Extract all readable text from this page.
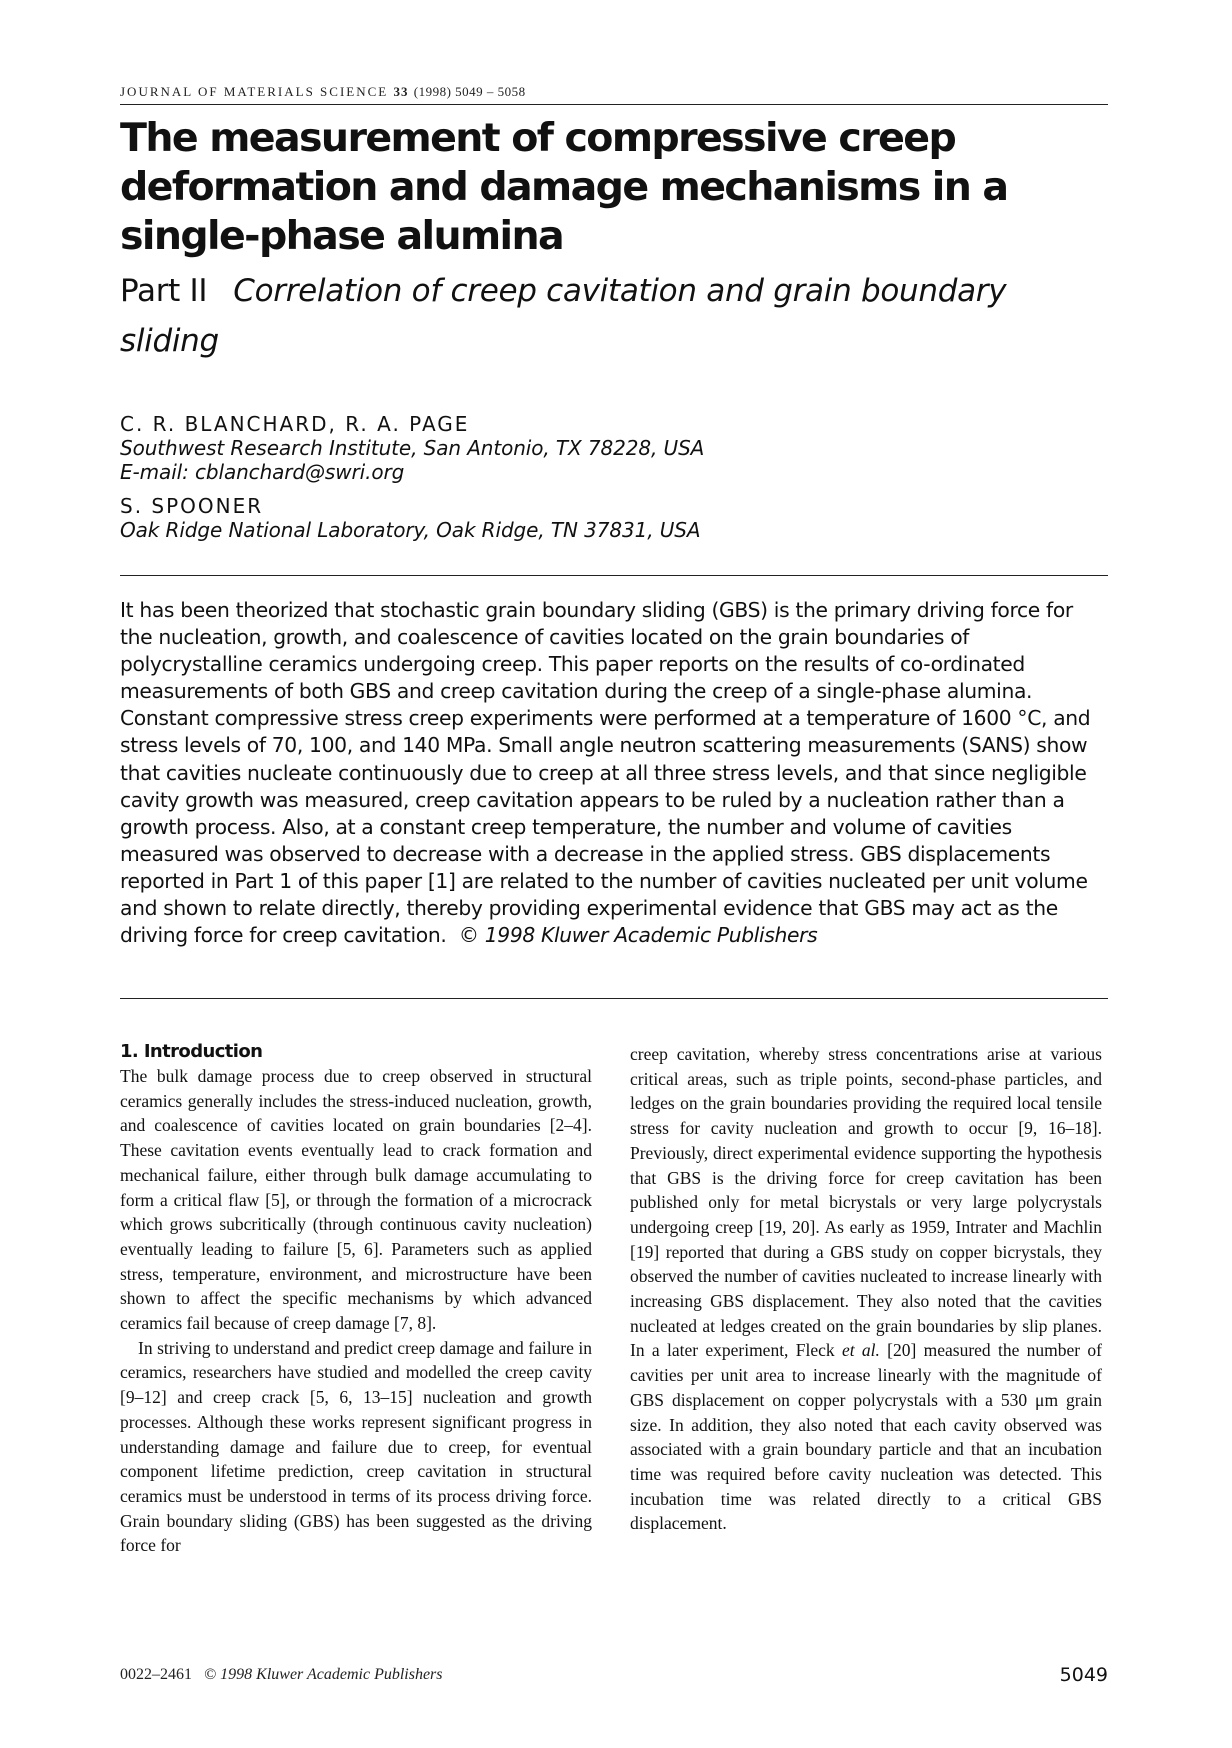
JOURNAL OF MATERIALS SCIENCE 33 (1998) 5049 – 5058
The measurement of compressive creep deformation and damage mechanisms in a single-phase alumina
Part II Correlation of creep cavitation and grain boundary sliding
C. R. BLANCHARD, R. A. PAGE
Southwest Research Institute, San Antonio, TX 78228, USA
E-mail: cblanchard@swri.org
S. SPOONER
Oak Ridge National Laboratory, Oak Ridge, TN 37831, USA

It has been theorized that stochastic grain boundary sliding (GBS) is the primary driving force for the nucleation, growth, and coalescence of cavities located on the grain boundaries of polycrystalline ceramics undergoing creep. This paper reports on the results of co-ordinated measurements of both GBS and creep cavitation during the creep of a single-phase alumina. Constant compressive stress creep experiments were performed at a temperature of 1600 °C, and stress levels of 70, 100, and 140 MPa. Small angle neutron scattering measurements (SANS) show that cavities nucleate continuously due to creep at all three stress levels, and that since negligible cavity growth was measured, creep cavitation appears to be ruled by a nucleation rather than a growth process. Also, at a constant creep temperature, the number and volume of cavities measured was observed to decrease with a decrease in the applied stress. GBS displacements reported in Part 1 of this paper [1] are related to the number of cavities nucleated per unit volume and shown to relate directly, thereby providing experimental evidence that GBS may act as the driving force for creep cavitation. © 1998 Kluwer Academic Publishers

1. Introduction

The bulk damage process due to creep observed in structural ceramics generally includes the stress-induced nucleation, growth, and coalescence of cavities located on grain boundaries [2–4]. These cavitation events eventually lead to crack formation and mechanical failure, either through bulk damage accumulating to form a critical flaw [5], or through the formation of a microcrack which grows subcritically (through continuous cavity nucleation) eventually leading to failure [5, 6]. Parameters such as applied stress, temperature, environment, and microstructure have been shown to affect the specific mechanisms by which advanced ceramics fail because of creep damage [7, 8].

In striving to understand and predict creep damage and failure in ceramics, researchers have studied and modelled the creep cavity [9–12] and creep crack [5, 6, 13–15] nucleation and growth processes. Although these works represent significant progress in understanding damage and failure due to creep, for eventual component lifetime prediction, creep cavitation in structural ceramics must be understood in terms of its process driving force. Grain boundary sliding (GBS) has been suggested as the driving force for

creep cavitation, whereby stress concentrations arise at various critical areas, such as triple points, second-phase particles, and ledges on the grain boundaries providing the required local tensile stress for cavity nucleation and growth to occur [9, 16–18]. Previously, direct experimental evidence supporting the hypothesis that GBS is the driving force for creep cavitation has been published only for metal bicrystals or very large polycrystals undergoing creep [19, 20]. As early as 1959, Intrater and Machlin [19] reported that during a GBS study on copper bicrystals, they observed the number of cavities nucleated to increase linearly with increasing GBS displacement. They also noted that the cavities nucleated at ledges created on the grain boundaries by slip planes. In a later experiment, Fleck et al. [20] measured the number of cavities per unit area to increase linearly with the magnitude of GBS displacement on copper polycrystals with a 530 μm grain size. In addition, they also noted that each cavity observed was associated with a grain boundary particle and that an incubation time was required before cavity nucleation was detected. This incubation time was related directly to a critical GBS displacement.

0022–2461 © 1998 Kluwer Academic Publishers	5049
